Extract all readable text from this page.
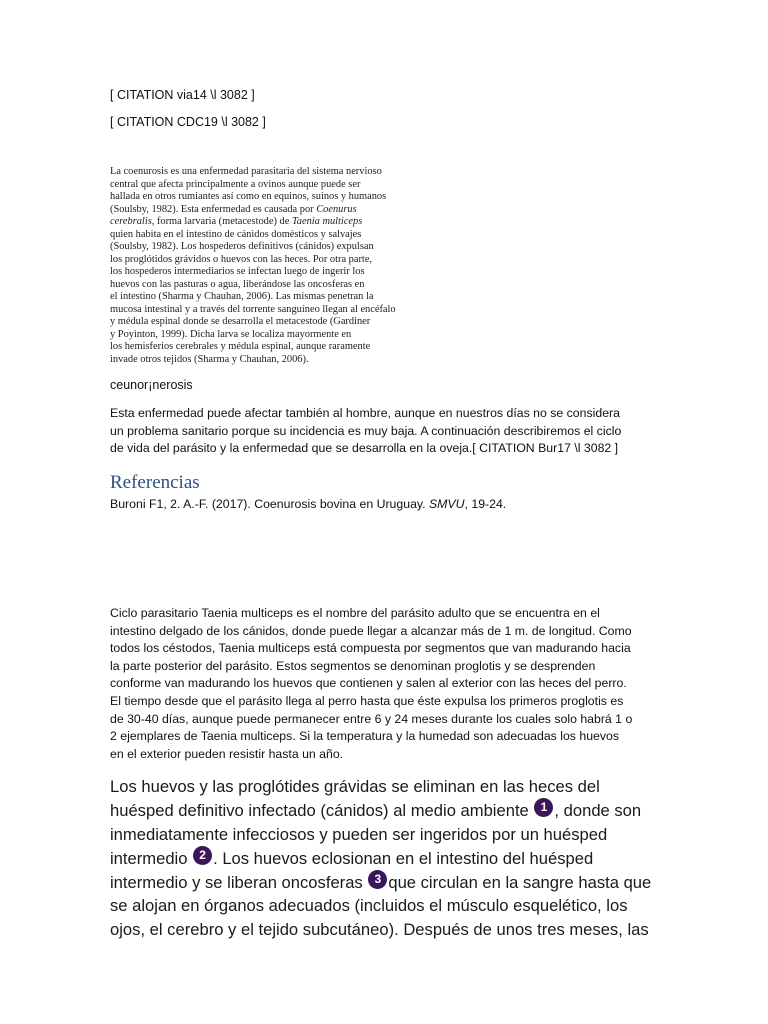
[ CITATION via14 \l 3082 ]
[ CITATION CDC19 \l 3082 ]
La coenurosis es una enfermedad parasitaria del sistema nervioso
central que afecta principalmente a ovinos aunque puede ser
hallada en otros rumiantes así como en equinos, suinos y humanos
(Soulsby, 1982). Esta enfermedad es causada por Coenurus
cerebralis, forma larvaria (metacestode) de Taenia multiceps
quien habita en el intestino de cánidos domésticos y salvajes
(Soulsby, 1982). Los hospederos definitivos (cánidos) expulsan
los proglótidos grávidos o huevos con las heces. Por otra parte,
los hospederos intermediarios se infectan luego de ingerir los
huevos con las pasturas o agua, liberándose las oncosferas en
el intestino (Sharma y Chauhan, 2006). Las mismas penetran la
mucosa intestinal y a través del torrente sanguíneo llegan al encéfalo
y médula espinal donde se desarrolla el metacestode (Gardiner
y Poyinton, 1999). Dicha larva se localiza mayormente en
los hemisferios cerebrales y médula espinal, aunque raramente
invade otros tejidos (Sharma y Chauhan, 2006).
ceunor¡nerosis
Esta enfermedad puede afectar también al hombre, aunque en nuestros días no se considera
un problema sanitario porque su incidencia es muy baja. A continuación describiremos el ciclo
de vida del parásito y la enfermedad que se desarrolla en la oveja.[ CITATION Bur17 \l 3082 ]
Referencias
Buroni F1, 2. A.-F. (2017). Coenurosis bovina en Uruguay. SMVU, 19-24.
Ciclo parasitario Taenia multiceps es el nombre del parásito adulto que se encuentra en el
intestino delgado de los cánidos, donde puede llegar a alcanzar más de 1 m. de longitud. Como
todos los céstodos, Taenia multiceps está compuesta por segmentos que van madurando hacia
la parte posterior del parásito. Estos segmentos se denominan proglotis y se desprenden
conforme van madurando los huevos que contienen y salen al exterior con las heces del perro.
El tiempo desde que el parásito llega al perro hasta que éste expulsa los primeros proglotis es
de 30-40 días, aunque puede permanecer entre 6 y 24 meses durante los cuales solo habrá 1 o
2 ejemplares de Taenia multiceps. Si la temperatura y la humedad son adecuadas los huevos
en el exterior pueden resistir hasta un año.
Los huevos y las proglótides grávidas se eliminan en las heces del
huésped definitivo infectado (cánidos) al medio ambiente 1 , donde son
inmediatamente infecciosos y pueden ser ingeridos por un huésped
intermedio 2 . Los huevos eclosionan en el intestino del huésped
intermedio y se liberan oncosferas 3 que circulan en la sangre hasta que
se alojan en órganos adecuados (incluidos el músculo esquelético, los
ojos, el cerebro y el tejido subcutáneo). Después de unos tres meses, las
